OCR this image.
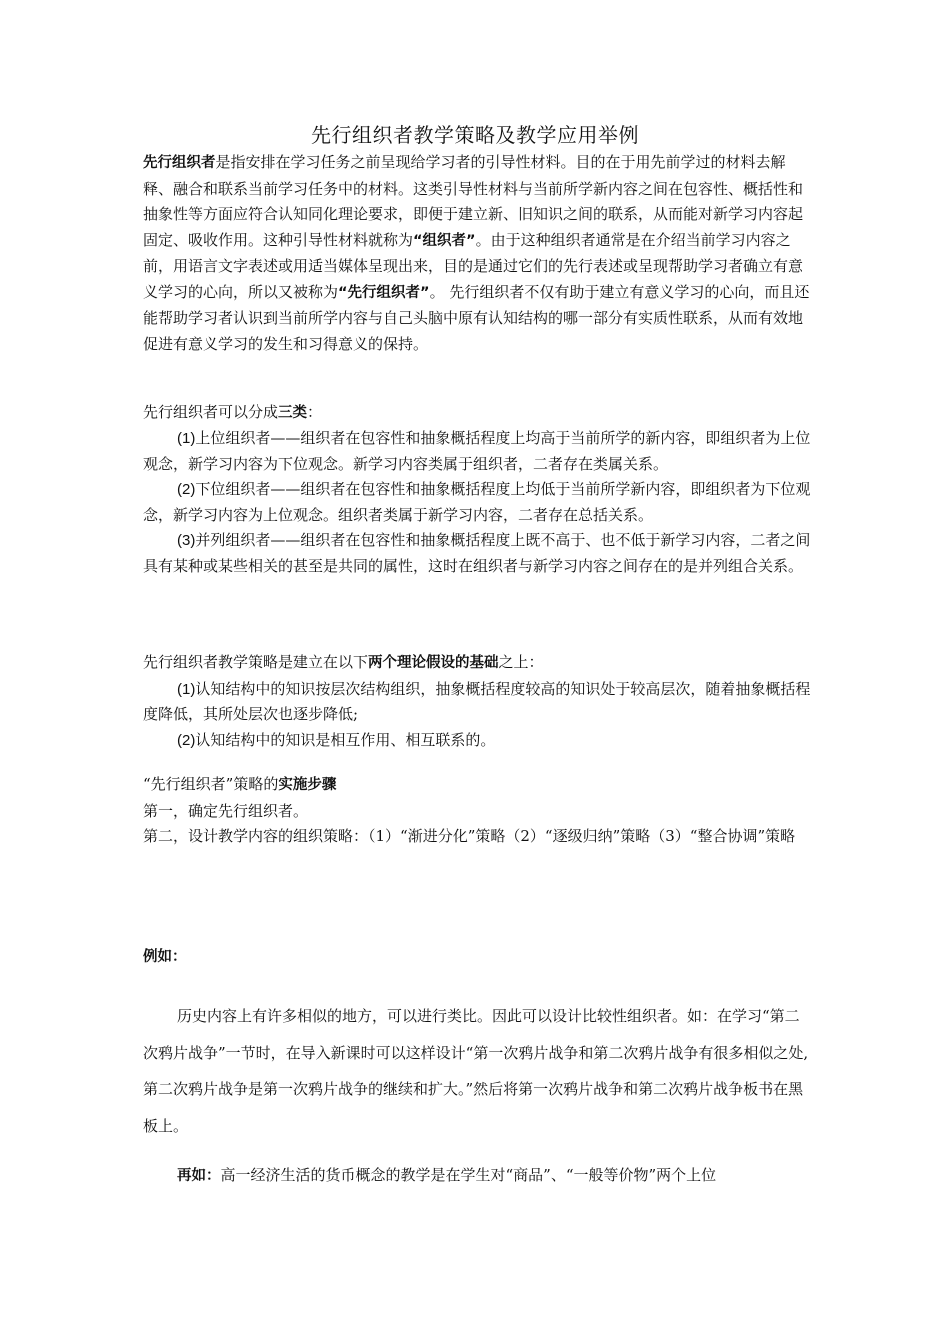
先行组织者教学策略及教学应用举例

先行组织者是指安排在学习任务之前呈现给学习者的引导性材料。目的在于用先前学过的材料去解释、融合和联系当前学习任务中的材料。这类引导性材料与当前所学新内容之间在包容性、概括性和抽象性等方面应符合认知同化理论要求，即便于建立新、旧知识之间的联系，从而能对新学习内容起固定、吸收作用。这种引导性材料就称为“组织者”。由于这种组织者通常是在介绍当前学习内容之前，用语言文字表述或用适当媒体呈现出来，目的是通过它们的先行表述或呈现帮助学习者确立有意义学习的心向，所以又被称为“先行组织者”。 先行组织者不仅有助于建立有意义学习的心向，而且还能帮助学习者认识到当前所学内容与自己头脑中原有认知结构的哪一部分有实质性联系，从而有效地促进有意义学习的发生和习得意义的保持。

先行组织者可以分成三类：

(1)上位组织者——组织者在包容性和抽象概括程度上均高于当前所学的新内容，即组织者为上位观念，新学习内容为下位观念。新学习内容类属于组织者，二者存在类属关系。

(2)下位组织者——组织者在包容性和抽象概括程度上均低于当前所学新内容，即组织者为下位观念，新学习内容为上位观念。组织者类属于新学习内容，二者存在总括关系。

(3)并列组织者——组织者在包容性和抽象概括程度上既不高于、也不低于新学习内容，二者之间具有某种或某些相关的甚至是共同的属性，这时在组织者与新学习内容之间存在的是并列组合关系。

先行组织者教学策略是建立在以下两个理论假设的基础之上：

(1)认知结构中的知识按层次结构组织，抽象概括程度较高的知识处于较高层次，随着抽象概括程度降低，其所处层次也逐步降低;

(2)认知结构中的知识是相互作用、相互联系的。

“先行组织者”策略的实施步骤

第一，确定先行组织者。

第二，设计教学内容的组织策略：（1）“渐进分化”策略（2）“逐级归纳”策略（3）“整合协调”策略

例如：

历史内容上有许多相似的地方，可以进行类比。因此可以设计比较性组织者。如：在学习“第二次鸦片战争”一节时，在导入新课时可以这样设计“第一次鸦片战争和第二次鸦片战争有很多相似之处,第二次鸦片战争是第一次鸦片战争的继续和扩大。”然后将第一次鸦片战争和第二次鸦片战争板书在黑板上。

再如：高一经济生活的货币概念的教学是在学生对“商品”、“一般等价物”两个上位
